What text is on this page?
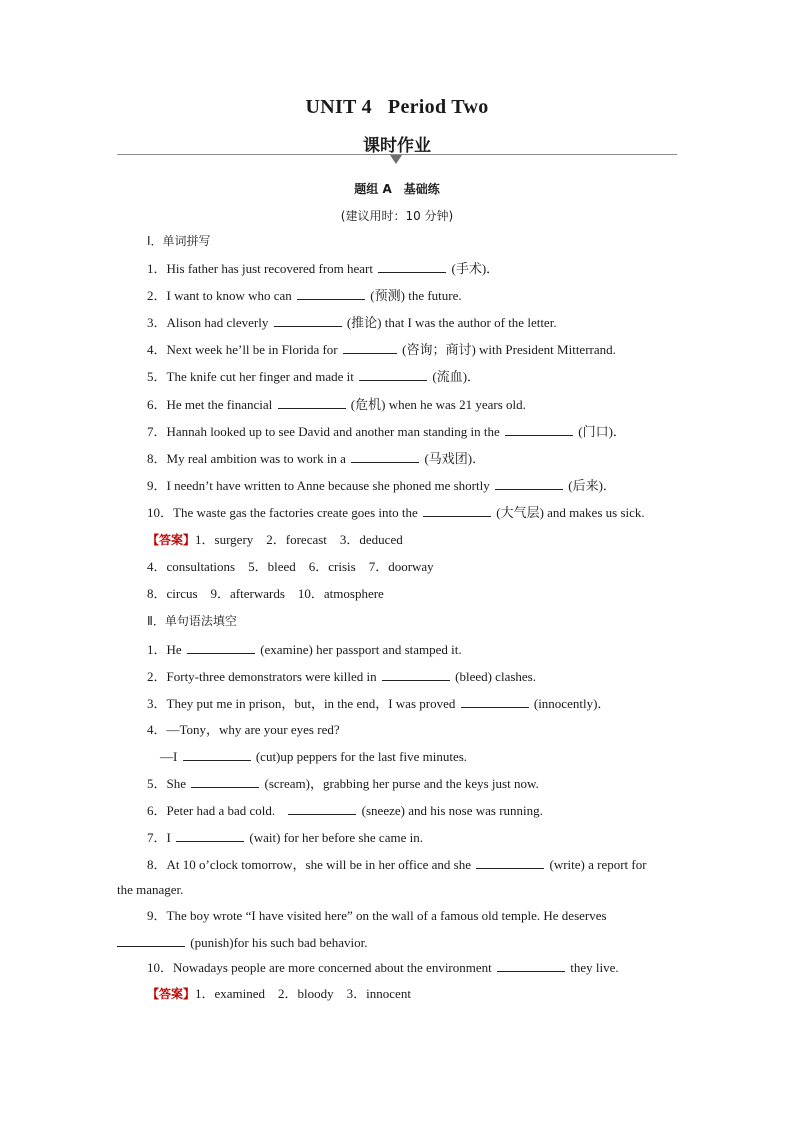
UNIT 4 Period Two
课时作业
题组 A　基础练
(建议用时：10 分钟)
Ⅰ．单词拼写
1．His father has just recovered from heart	(手术)．
2．I want to know who can	(预测) the future.
3．Alison had cleverly	(推论) that I was the author of the letter.
4．Next week he’ll be in Florida for	(咨询；商讨) with President Mitterrand.
5．The knife cut her finger and made it	(流血)．
6．He met the financial	(危机) when he was 21 years old.
7．Hannah looked up to see David and another man standing in the	(门口)．
8．My real ambition was to work in a	(马戏团)．
9．I needn’t have written to Anne because she phoned me shortly	(后来)．
10．The waste gas the factories create goes into the	(大气层) and makes us sick.
【答案】1．surgery　2．forecast　3．deduced
4．consultations　5．bleed　6．crisis　7．doorway
8．circus　9．afterwards　10．atmosphere
Ⅱ．单句语法填空
1．He	(examine) her passport and stamped it.
2．Forty-three demonstrators were killed in	(bleed) clashes.
3．They put me in prison，but，in the end，I was proved	(innocently)．
4．—Tony，why are your eyes red?
—I	(cut)up peppers for the last five minutes.
5．She	(scream)，grabbing her purse and the keys just now.
6．Peter had a bad cold.	(sneeze) and his nose was running.
7．I	(wait) for her before she came in.
8．At 10 o’clock tomorrow，she will be in her office and she	(write) a report for
the manager.
9．The boy wrote “I have visited here” on the wall of a famous old temple. He deserves
(punish)for his such bad behavior.
10．Nowadays people are more concerned about the environment	they live.
【答案】1．examined　2．bloody　3．innocent
